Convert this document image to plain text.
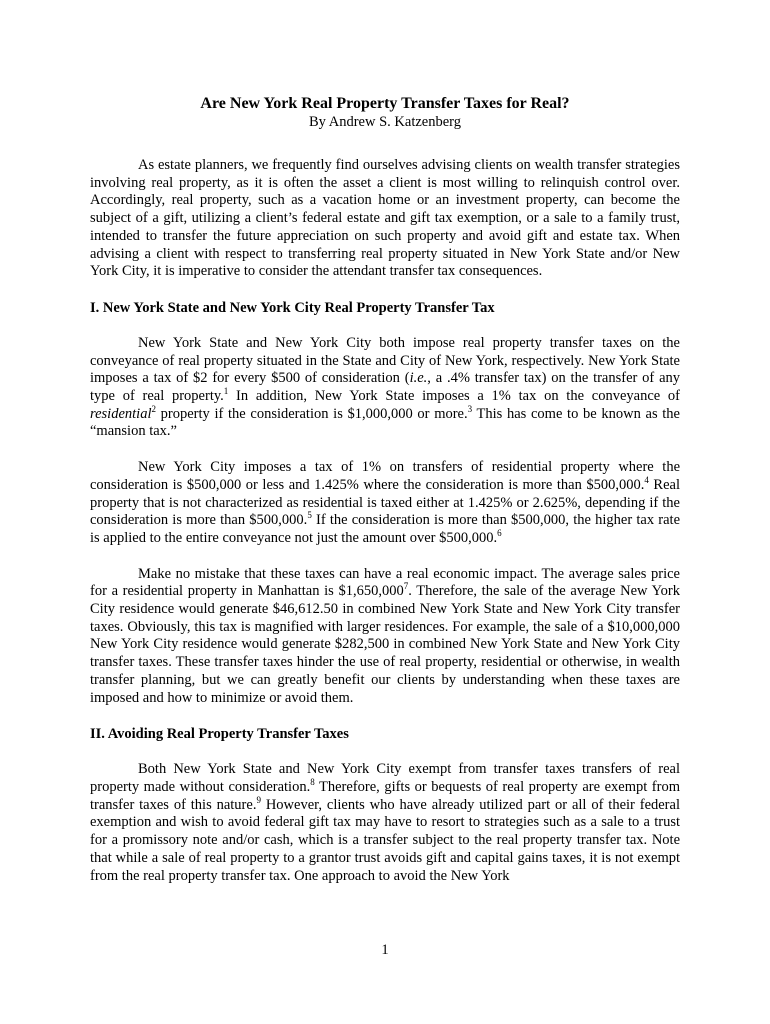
Are New York Real Property Transfer Taxes for Real?

By Andrew S. Katzenberg

As estate planners, we frequently find ourselves advising clients on wealth transfer strategies involving real property, as it is often the asset a client is most willing to relinquish control over. Accordingly, real property, such as a vacation home or an investment property, can become the subject of a gift, utilizing a client’s federal estate and gift tax exemption, or a sale to a family trust, intended to transfer the future appreciation on such property and avoid gift and estate tax. When advising a client with respect to transferring real property situated in New York State and/or New York City, it is imperative to consider the attendant transfer tax consequences.

I. New York State and New York City Real Property Transfer Tax

New York State and New York City both impose real property transfer taxes on the conveyance of real property situated in the State and City of New York, respectively. New York State imposes a tax of $2 for every $500 of consideration (i.e., a .4% transfer tax) on the transfer of any type of real property.$^1$ In addition, New York State imposes a 1% tax on the conveyance of residential$^2$ property if the consideration is $1,000,000 or more.$^3$ This has come to be known as the “mansion tax.”

New York City imposes a tax of 1% on transfers of residential property where the consideration is $500,000 or less and 1.425% where the consideration is more than $500,000.$^4$ Real property that is not characterized as residential is taxed either at 1.425% or 2.625%, depending if the consideration is more than $500,000.$^5$ If the consideration is more than $500,000, the higher tax rate is applied to the entire conveyance not just the amount over $500,000.$^6$

Make no mistake that these taxes can have a real economic impact. The average sales price for a residential property in Manhattan is $1,650,000$^7$. Therefore, the sale of the average New York City residence would generate $46,612.50 in combined New York State and New York City transfer taxes. Obviously, this tax is magnified with larger residences. For example, the sale of a $10,000,000 New York City residence would generate $282,500 in combined New York State and New York City transfer taxes. These transfer taxes hinder the use of real property, residential or otherwise, in wealth transfer planning, but we can greatly benefit our clients by understanding when these taxes are imposed and how to minimize or avoid them.

II. Avoiding Real Property Transfer Taxes

Both New York State and New York City exempt from transfer taxes transfers of real property made without consideration.$^8$ Therefore, gifts or bequests of real property are exempt from transfer taxes of this nature.$^9$ However, clients who have already utilized part or all of their federal exemption and wish to avoid federal gift tax may have to resort to strategies such as a sale to a trust for a promissory note and/or cash, which is a transfer subject to the real property transfer tax. Note that while a sale of real property to a grantor trust avoids gift and capital gains taxes, it is not exempt from the real property transfer tax. One approach to avoid the New York

1
